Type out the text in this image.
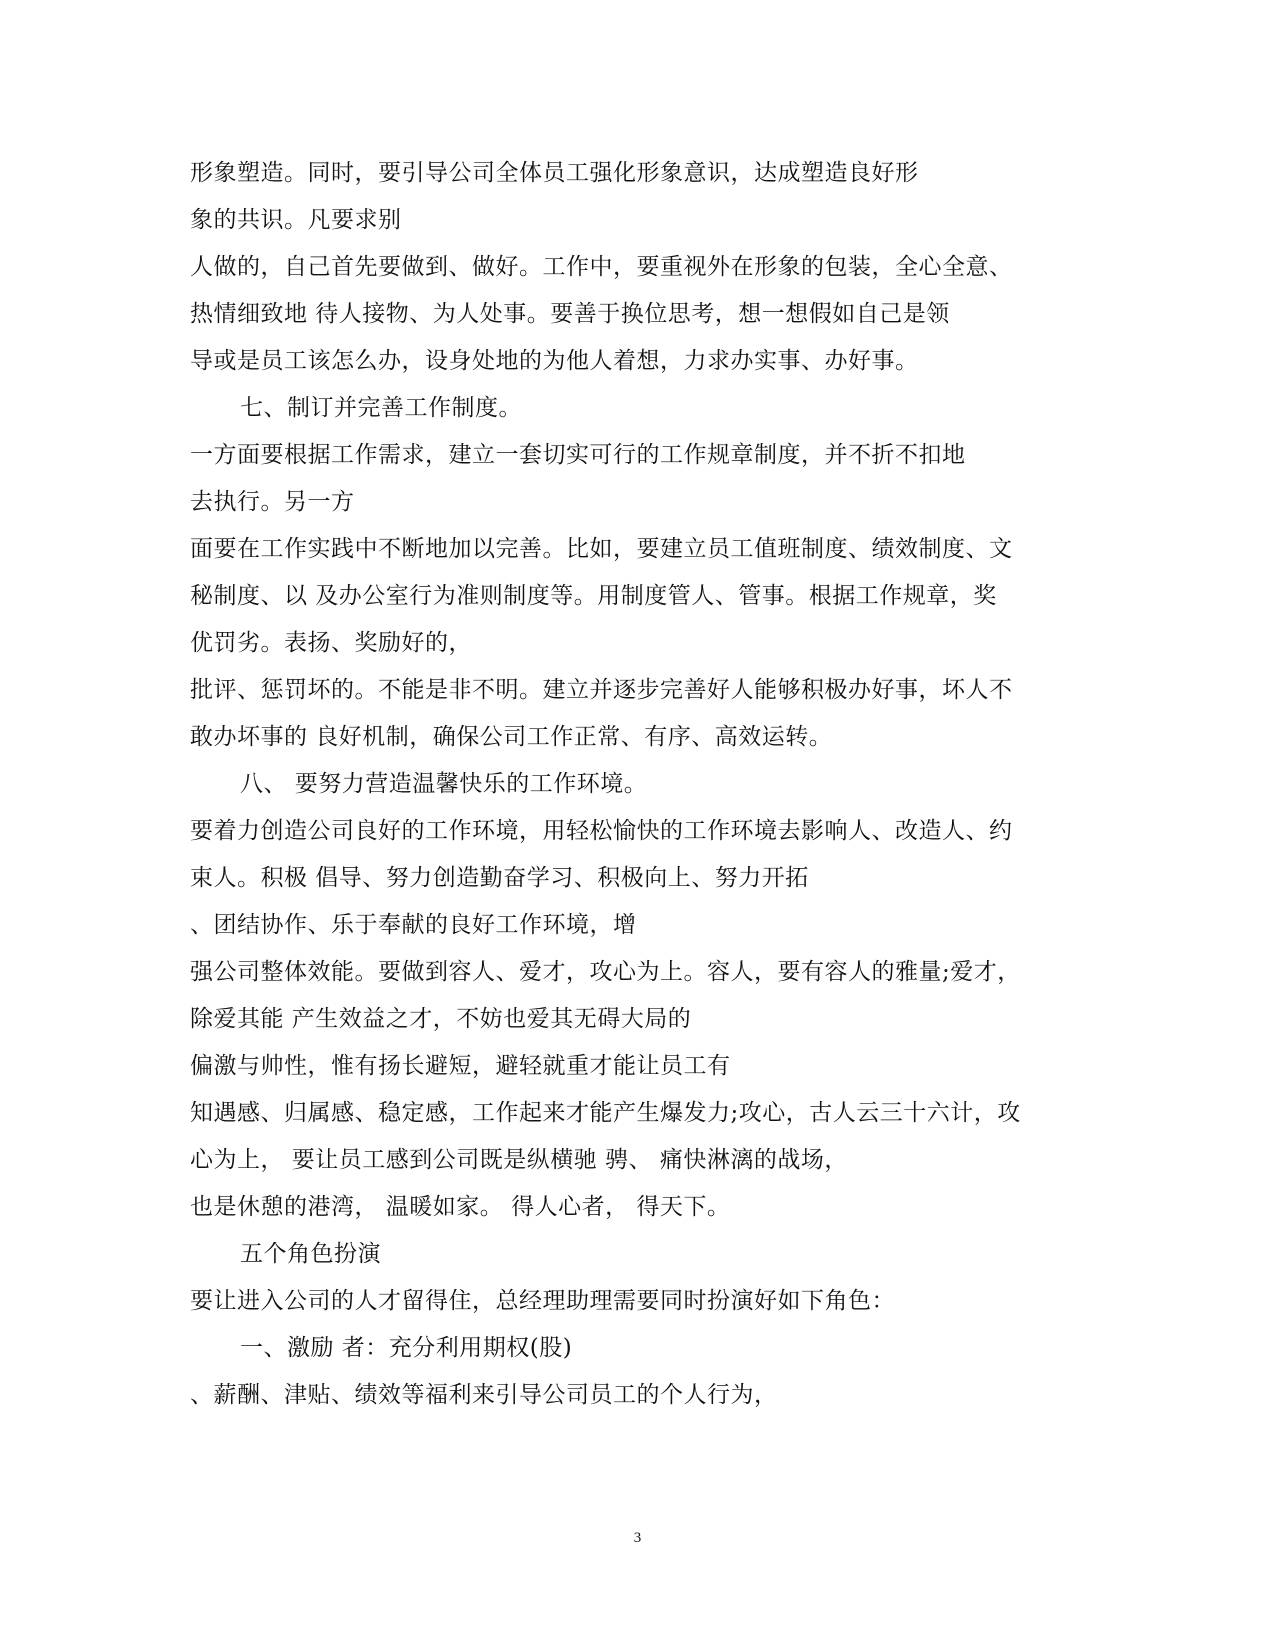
形象塑造。同时，要引导公司全体员工强化形象意识，达成塑造良好形
象的共识。凡要求别
人做的，自己首先要做到、做好。工作中，要重视外在形象的包装，全心全意、
热情细致地 待人接物、为人处事。要善于换位思考，想一想假如自己是领
导或是员工该怎么办，设身处地的为他人着想，力求办实事、办好事。
七、制订并完善工作制度。
一方面要根据工作需求，建立一套切实可行的工作规章制度，并不折不扣地
去执行。另一方
面要在工作实践中不断地加以完善。比如，要建立员工值班制度、绩效制度、文
秘制度、以 及办公室行为准则制度等。用制度管人、管事。根据工作规章，奖
优罚劣。表扬、奖励好的，
批评、惩罚坏的。不能是非不明。建立并逐步完善好人能够积极办好事，坏人不
敢办坏事的 良好机制，确保公司工作正常、有序、高效运转。
八、 要努力营造温馨快乐的工作环境。
要着力创造公司良好的工作环境，用轻松愉快的工作环境去影响人、改造人、约
束人。积极 倡导、努力创造勤奋学习、积极向上、努力开拓
、团结协作、乐于奉献的良好工作环境，增
强公司整体效能。要做到容人、爱才，攻心为上。容人，要有容人的雅量;爱才，
除爱其能 产生效益之才，不妨也爱其无碍大局的
偏激与帅性，惟有扬长避短，避轻就重才能让员工有
知遇感、归属感、稳定感，工作起来才能产生爆发力;攻心，古人云三十六计，攻
心为上， 要让员工感到公司既是纵横驰 骋、 痛快淋漓的战场，
也是休憩的港湾， 温暖如家。 得人心者， 得天下。
五个角色扮演
要让进入公司的人才留得住，总经理助理需要同时扮演好如下角色：
一、激励 者：充分利用期权(股)
、薪酬、津贴、绩效等福利来引导公司员工的个人行为，
3
